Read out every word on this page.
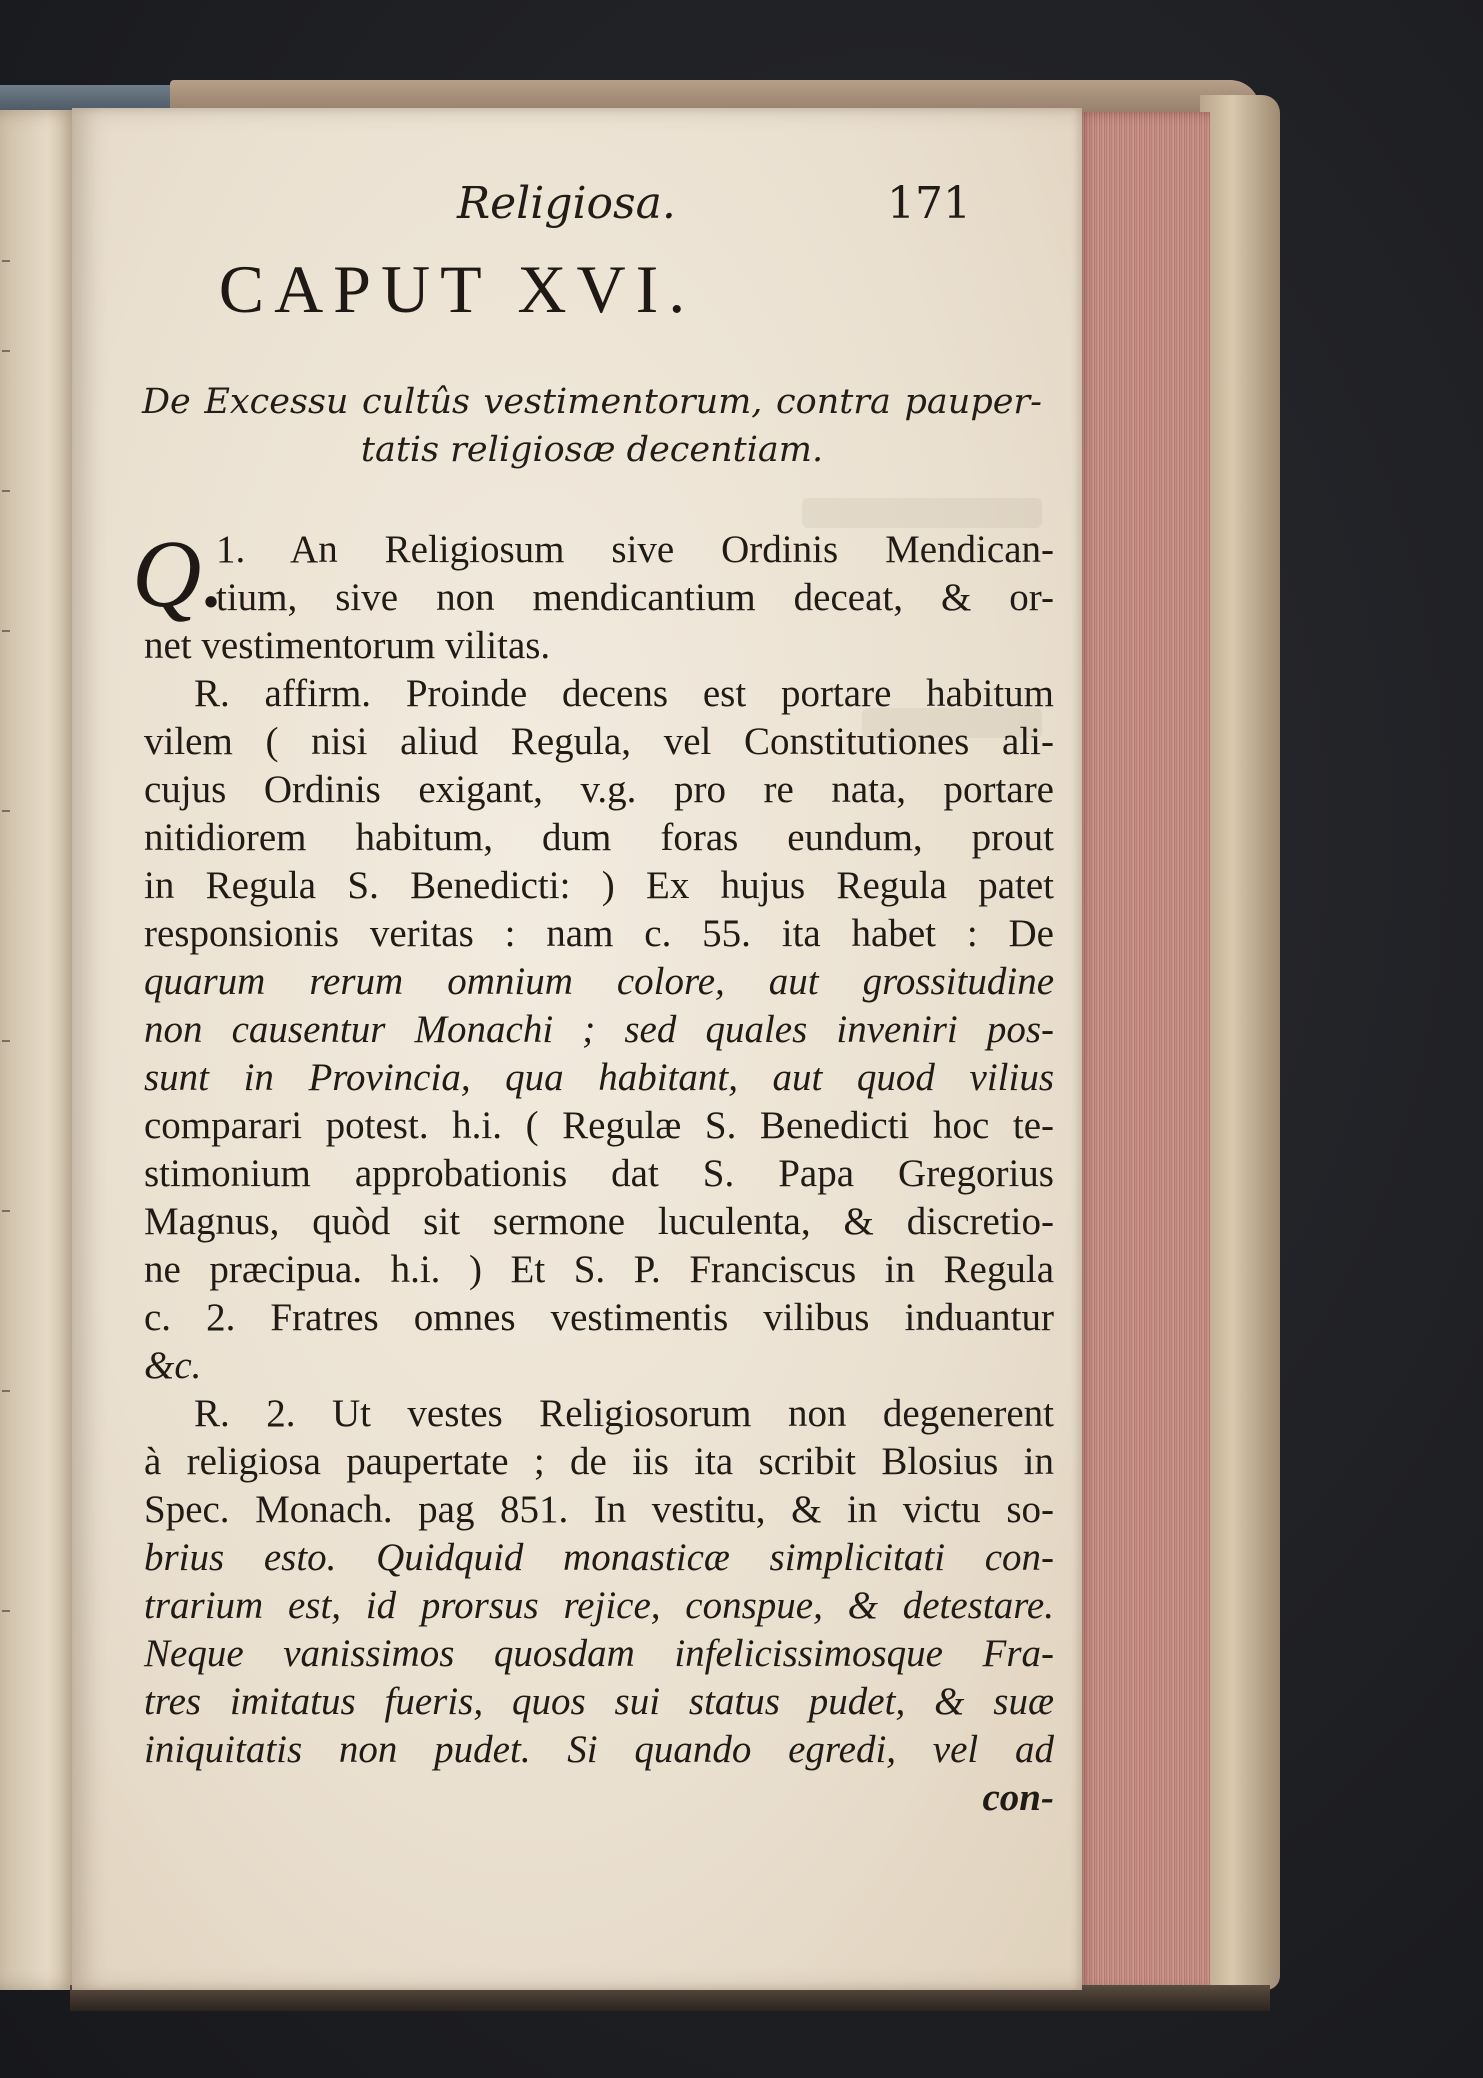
Religiosa.	171
CAPUT XVI.
De Excessu cultûs vestimentorum, contra pauper-
tatis religiosæ decentiam.
Q.
1. An Religiosum sive Ordinis Mendican-
tium, sive non mendicantium deceat, & or-
net vestimentorum vilitas.
R. affirm. Proinde decens est portare habitum
vilem ( nisi aliud Regula, vel Constitutiones ali-
cujus Ordinis exigant, v.g. pro re nata, portare
nitidiorem habitum, dum foras eundum, prout
in Regula S. Benedicti: ) Ex hujus Regula patet
responsionis veritas : nam c. 55. ita habet : De
quarum rerum omnium colore, aut grossitudine
non causentur Monachi ; sed quales inveniri pos-
sunt in Provincia, qua habitant, aut quod vilius
comparari potest. h.i. ( Regulæ S. Benedicti hoc te-
stimonium approbationis dat S. Papa Gregorius
Magnus, quòd sit sermone luculenta, & discretio-
ne præcipua. h.i. ) Et S. P. Franciscus in Regula
c. 2. Fratres omnes vestimentis vilibus induantur
&c.
R. 2. Ut vestes Religiosorum non degenerent
à religiosa paupertate ; de iis ita scribit Blosius in
Spec. Monach. pag 851. In vestitu, & in victu so-
brius esto. Quidquid monasticæ simplicitati con-
trarium est, id prorsus rejice, conspue, & detestare.
Neque vanissimos quosdam infelicissimosque Fra-
tres imitatus fueris, quos sui status pudet, & suæ
iniquitatis non pudet. Si quando egredi, vel ad
con-
